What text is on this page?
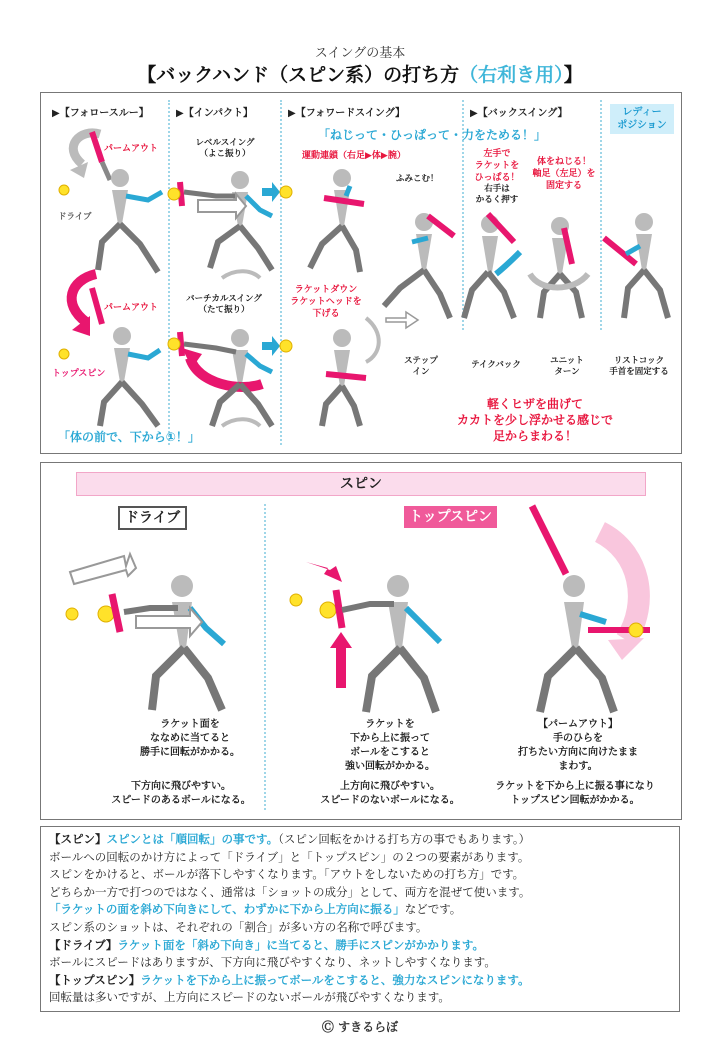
スイングの基本
【バックハンド（スピン系）の打ち方（右利き用）】
▶【フォロースルー】	▶【インパクト】	▶【フォワードスイング】	▶【バックスイング】	レディー
ポジション
「ねじって・ひっぱって・力をためる！」
パームアウト
ドライブ
パームアウト
トップスピン
レベルスイング
（よこ振り）
バーチカルスイング
（たて振り）
運動連鎖（右足▶体▶腕）
ふみこむ！
ラケットダウン
ラケットヘッドを
下げる
左手で
ラケットを
ひっぱる！
右手は
かるく押す
体をねじる！
軸足（左足）を
固定する
ステップ
イン
テイクバック	ユニット
ターン
リストコック
手首を固定する
「体の前で、下から①！」
軽くヒザを曲げて
カカトを少し浮かせる感じで
足からまわる！
スピン
ドライブ	トップスピン
ラケット面を
ななめに当てると
勝手に回転がかかる。
下方向に飛びやすい。
スピードのあるボールになる。
ラケットを
下から上に振って
ボールをこすると
強い回転がかかる。
上方向に飛びやすい。
スピードのないボールになる。
【パームアウト】
手のひらを
打ちたい方向に向けたまま
まわす。
ラケットを下から上に振る事になり
トップスピン回転がかかる。

【スピン】スピンとは「順回転」の事です。（スピン回転をかける打ち方の事でもあります。）

ボールへの回転のかけ方によって「ドライブ」と「トップスピン」の２つの要素があります。

スピンをかけると、ボールが落下しやすくなります。「アウトをしないための打ち方」です。

どちらか一方で打つのではなく、通常は「ショットの成分」として、両方を混ぜて使います。

「ラケットの面を斜め下向きにして、わずかに下から上方向に振る」などです。

スピン系のショットは、それぞれの「割合」が多い方の名称で呼びます。

【ドライブ】ラケット面を「斜め下向き」に当てると、勝手にスピンがかかります。

ボールにスピードはありますが、下方向に飛びやすくなり、ネットしやすくなります。

【トップスピン】ラケットを下から上に振ってボールをこすると、強力なスピンになります。

回転量は多いですが、上方向にスピードのないボールが飛びやすくなります。

Ⓒ すきるらぼ
